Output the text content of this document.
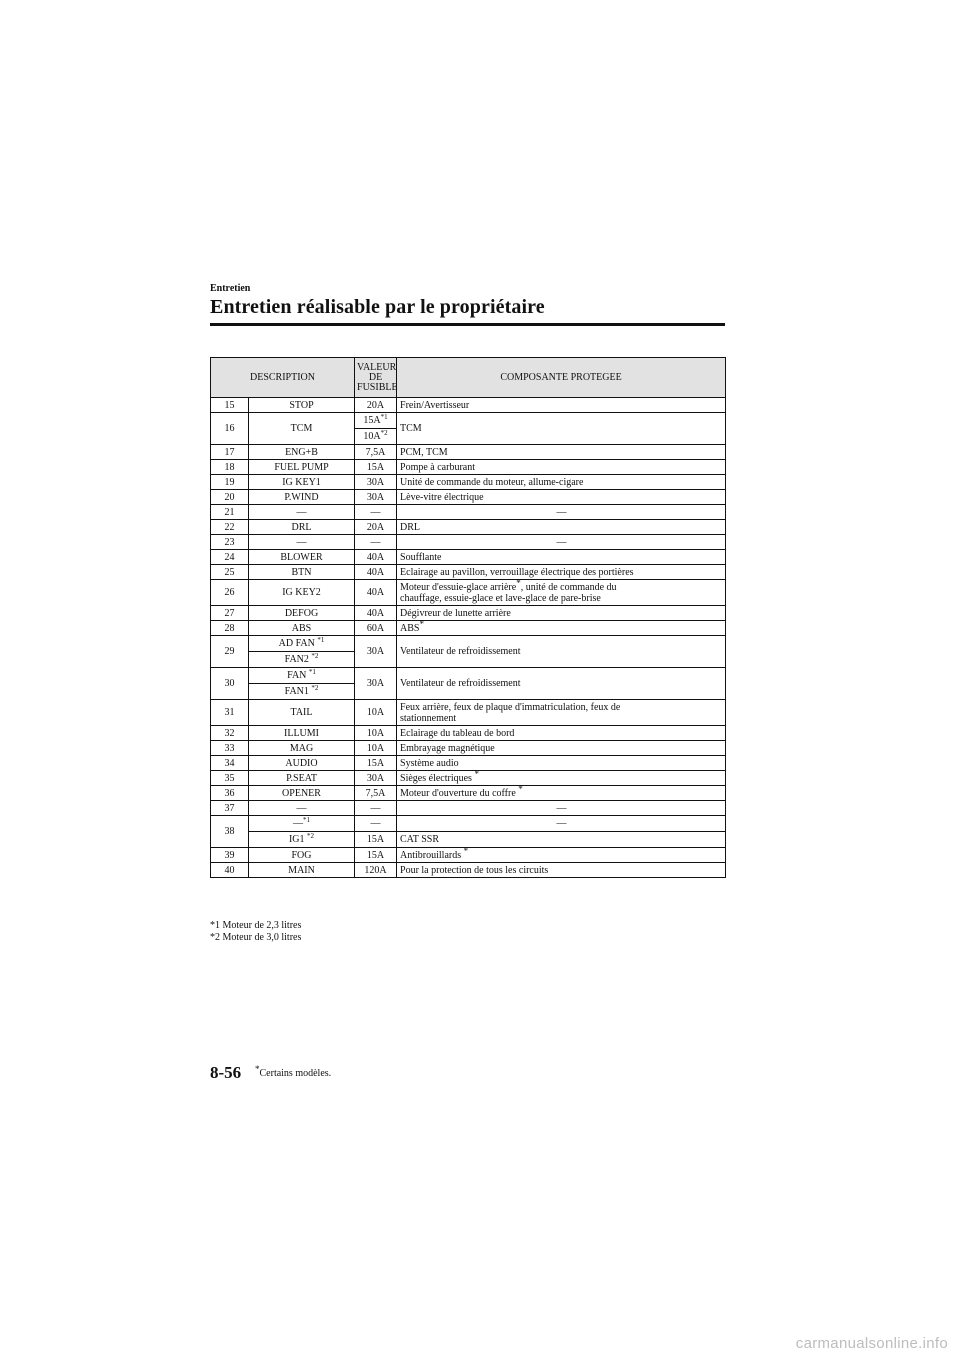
Entretien
Entretien réalisable par le propriétaire
DESCRIPTION		VALEUR
DE
FUSIBLE	COMPOSANTE PROTEGEE
15	STOP	20A	Frein/Avertisseur
16	TCM	$15A^{*1}$	TCM
		$10A^{*2}$
17	ENG+B	7,5A	PCM, TCM
18	FUEL PUMP	15A	Pompe à carburant
19	IG KEY1	30A	Unité de commande du moteur, allume-cigare
20	P.WIND	30A	Lève-vitre électrique
21	—	—	—
22	DRL	20A	DRL
23	—	—	—
24	BLOWER	40A	Soufflante
25	BTN	40A	Eclairage au pavillon, verrouillage électrique des portières
26	IG KEY2	40A	Moteur d'essuie-glace arrière*, unité de commande du
chauffage, essuie-glace et lave-glace de pare-brise
27	DEFOG	40A	Dégivreur de lunette arrière
28	ABS	60A	ABS*
29	AD FAN $^{*1}$	30A	Ventilateur de refroidissement
	FAN2 $^{*2}$
30	FAN $^{*1}$	30A	Ventilateur de refroidissement
	FAN1 $^{*2}$
31	TAIL	10A	Feux arrière, feux de plaque d'immatriculation, feux de
stationnement
32	ILLUMI	10A	Eclairage du tableau de bord
33	MAG	10A	Embrayage magnétique
34	AUDIO	15A	Système audio
35	P.SEAT	30A	Sièges électriques *
36	OPENER	7,5A	Moteur d'ouverture du coffre *
37	—	—	—
38	—$^{*1}$	—	—
	IG1 $^{*2}$	15A	CAT SSR
39	FOG	15A	Antibrouillards *
40	MAIN	120A	Pour la protection de tous les circuits
*1 Moteur de 2,3 litres
*2 Moteur de 3,0 litres
8-56 *Certains modèles.
carmanualsonline.info
